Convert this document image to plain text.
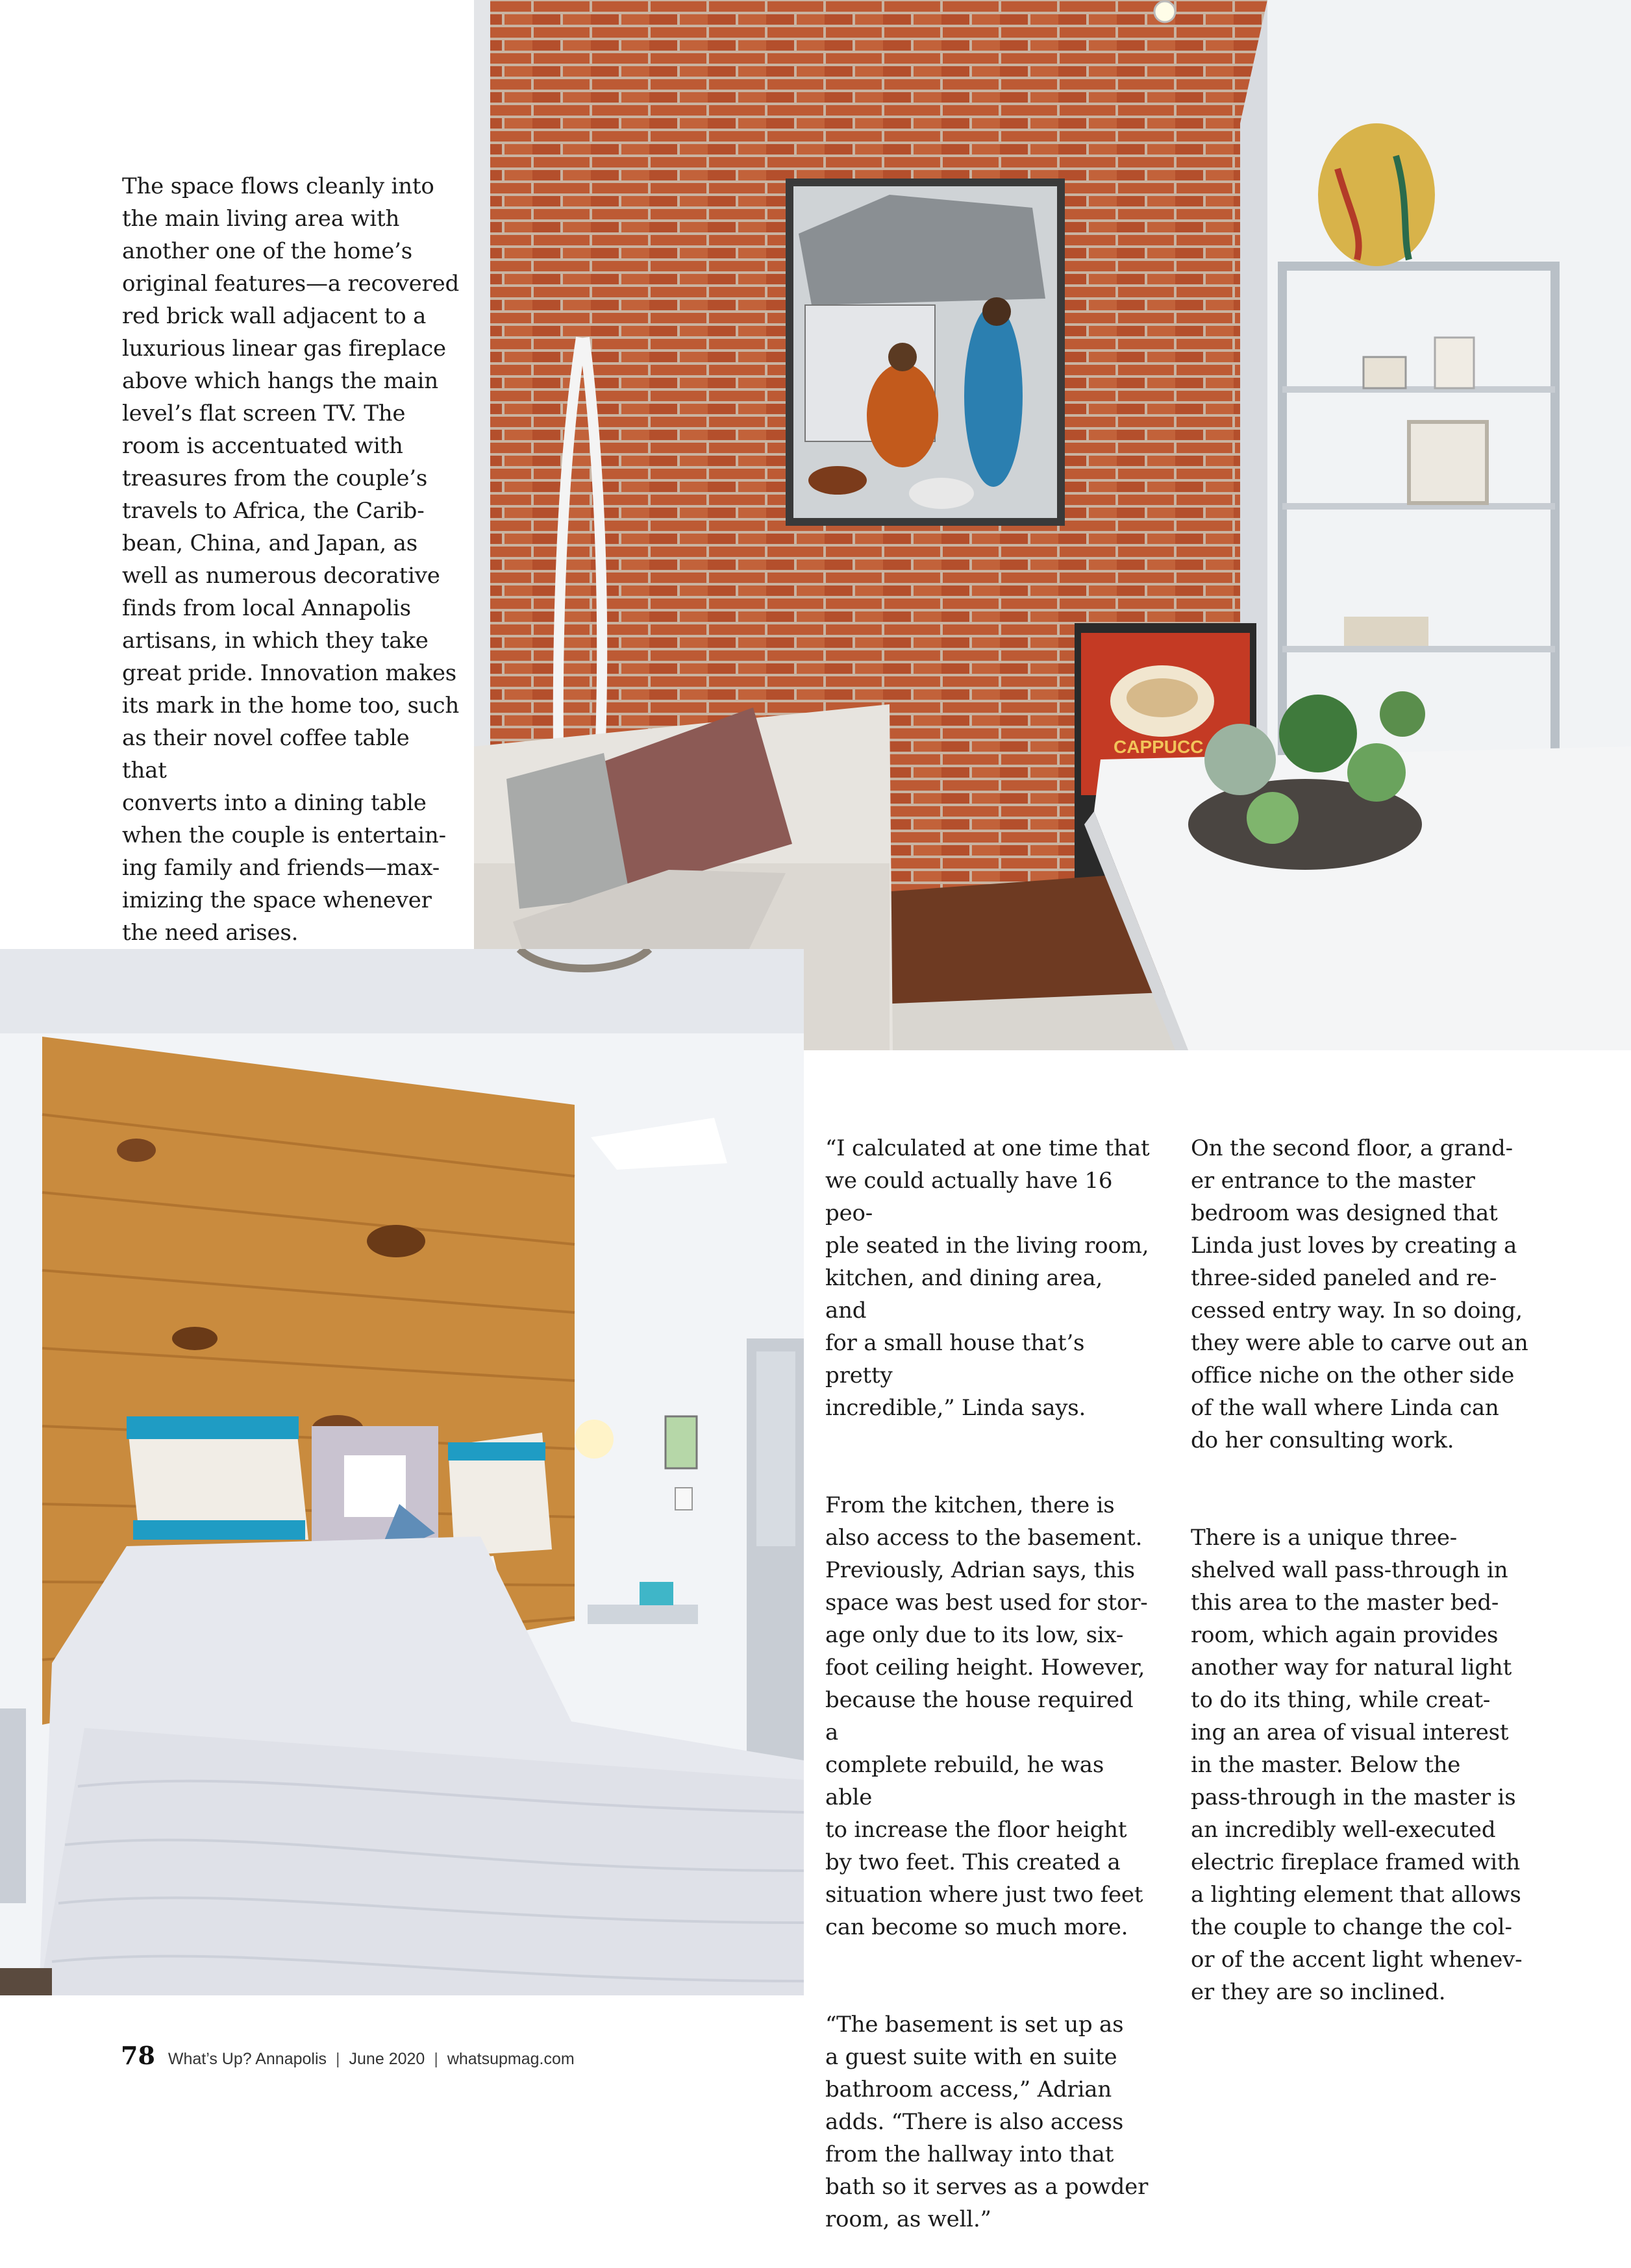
CAPPUCC
The space flows cleanly into
the main living area with
another one of the home’s
original features—a recovered
red brick wall adjacent to a
luxurious linear gas fireplace
above which hangs the main
level’s flat screen TV. The
room is accentuated with
treasures from the couple’s
travels to Africa, the Carib-
bean, China, and Japan, as
well as numerous decorative
finds from local Annapolis
artisans, in which they take
great pride. Innovation makes
its mark in the home too, such
as their novel coffee table that
converts into a dining table
when the couple is entertain-
ing family and friends—max-
imizing the space whenever
the need arises.

“I calculated at one time that
we could actually have 16 peo-
ple seated in the living room,
kitchen, and dining area, and
for a small house that’s pretty
incredible,” Linda says.

From the kitchen, there is
also access to the basement.
Previously, Adrian says, this
space was best used for stor-
age only due to its low, six-
foot ceiling height. However,
because the house required a
complete rebuild, he was able
to increase the floor height
by two feet. This created a
situation where just two feet
can become so much more.

“The basement is set up as
a guest suite with en suite
bathroom access,” Adrian
adds. “There is also access
from the hallway into that
bath so it serves as a powder
room, as well.”

On the second floor, a grand-
er entrance to the master
bedroom was designed that
Linda just loves by creating a
three-sided paneled and re-
cessed entry way. In so doing,
they were able to carve out an
office niche on the other side
of the wall where Linda can
do her consulting work.

There is a unique three-
shelved wall pass-through in
this area to the master bed-
room, which again provides
another way for natural light
to do its thing, while creat-
ing an area of visual interest
in the master. Below the
pass-through in the master is
an incredibly well-executed
electric fireplace framed with
a lighting element that allows
the couple to change the col-
or of the accent light whenev-
er they are so inclined.

78 What’s Up? Annapolis | June 2020 | whatsupmag.com
